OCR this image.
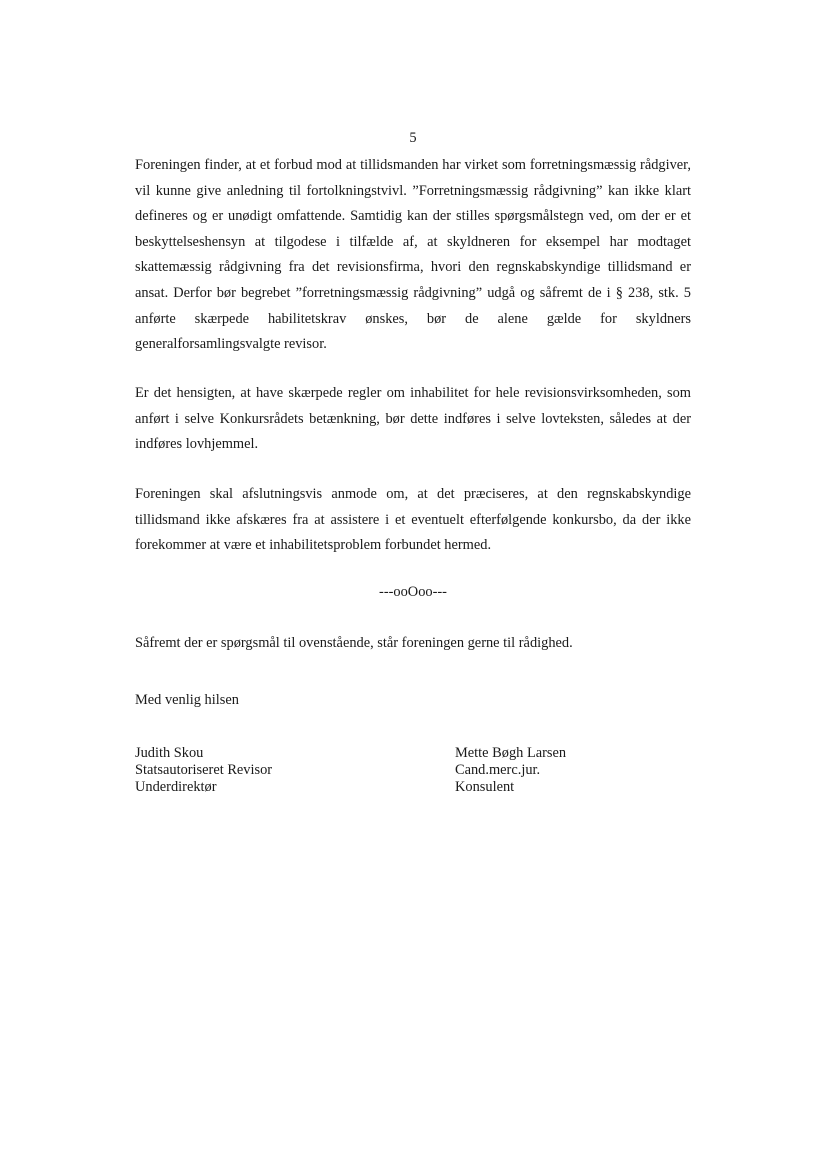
5

Foreningen finder, at et forbud mod at tillidsmanden har virket som forretningsmæssig rådgiver, vil kunne give anledning til fortolkningstvivl. ”Forretningsmæssig rådgivning” kan ikke klart defineres og er unødigt omfattende. Samtidig kan der stilles spørgsmålstegn ved, om der er et beskyttelseshensyn at tilgodese i tilfælde af, at skyldneren for eksempel har modtaget skattemæssig rådgivning fra det revisionsfirma, hvori den regnskabskyndige tillidsmand er ansat. Derfor bør begrebet ”forretningsmæssig rådgivning” udgå og såfremt de i § 238, stk. 5 anførte skærpede habilitetskrav ønskes, bør de alene gælde for skyldners generalforsamlingsvalgte revisor.

Er det hensigten, at have skærpede regler om inhabilitet for hele revisionsvirksomheden, som anført i selve Konkursrådets betænkning, bør dette indføres i selve lovteksten, således at der indføres lovhjemmel.

Foreningen skal afslutningsvis anmode om, at det præciseres, at den regnskabskyndige tillidsmand ikke afskæres fra at assistere i et eventuelt efterfølgende konkursbo, da der ikke forekommer at være et inhabilitetsproblem forbundet hermed.

---ooOoo---
Såfremt der er spørgsmål til ovenstående, står foreningen gerne til rådighed.
Med venlig hilsen
Judith Skou
Statsautoriseret Revisor
Underdirektør
Mette Bøgh Larsen
Cand.merc.jur.
Konsulent
